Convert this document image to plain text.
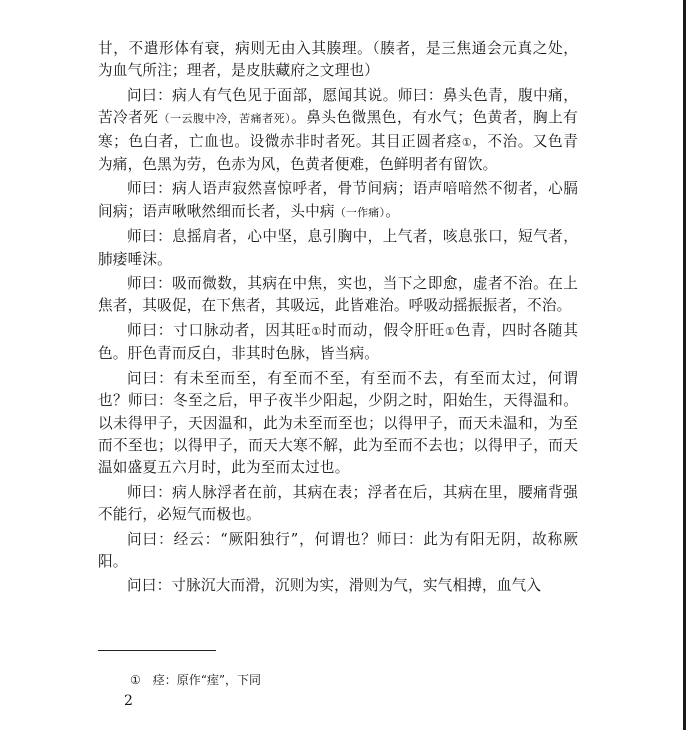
甘，不遣形体有衰，病则无由入其腠理。（腠者，是三焦通会元真之处，为血气所注；理者，是皮肤藏府之文理也）

问曰：病人有气色见于面部，愿闻其说。师曰：鼻头色青，腹中痛，苦冷者死（一云腹中冷，苦痛者死）。鼻头色微黑色，有水气；色黄者，胸上有寒；色白者，亡血也。设微赤非时者死。其目正圆者痉①，不治。又色青为痛，色黑为劳，色赤为风，色黄者便难，色鲜明者有留饮。

师曰：病人语声寂然喜惊呼者，骨节间病；语声喑喑然不彻者，心膈间病；语声啾啾然细而长者，头中病（一作痛）。

师曰：息摇肩者，心中坚，息引胸中，上气者，咳息张口，短气者，肺痿唾沫。

师曰：吸而微数，其病在中焦，实也，当下之即愈，虚者不治。在上焦者，其吸促，在下焦者，其吸远，此皆难治。呼吸动摇振振者，不治。

师曰：寸口脉动者，因其旺①时而动，假令肝旺①色青，四时各随其色。肝色青而反白，非其时色脉，皆当病。

问曰：有未至而至，有至而不至，有至而不去，有至而太过，何谓也？师曰：冬至之后，甲子夜半少阳起，少阴之时，阳始生，天得温和。以未得甲子，天因温和，此为未至而至也；以得甲子，而天未温和，为至而不至也；以得甲子，而天大寒不解，此为至而不去也；以得甲子，而天温如盛夏五六月时，此为至而太过也。

师曰：病人脉浮者在前，其病在表；浮者在后，其病在里，腰痛背强不能行，必短气而极也。

问曰：经云：“厥阳独行”，何谓也？师曰：此为有阳无阴，故称厥阳。

问曰：寸脉沉大而滑，沉则为实，滑则为气，实气相搏，血气入

① 痉：原作“痓”，下同
2
